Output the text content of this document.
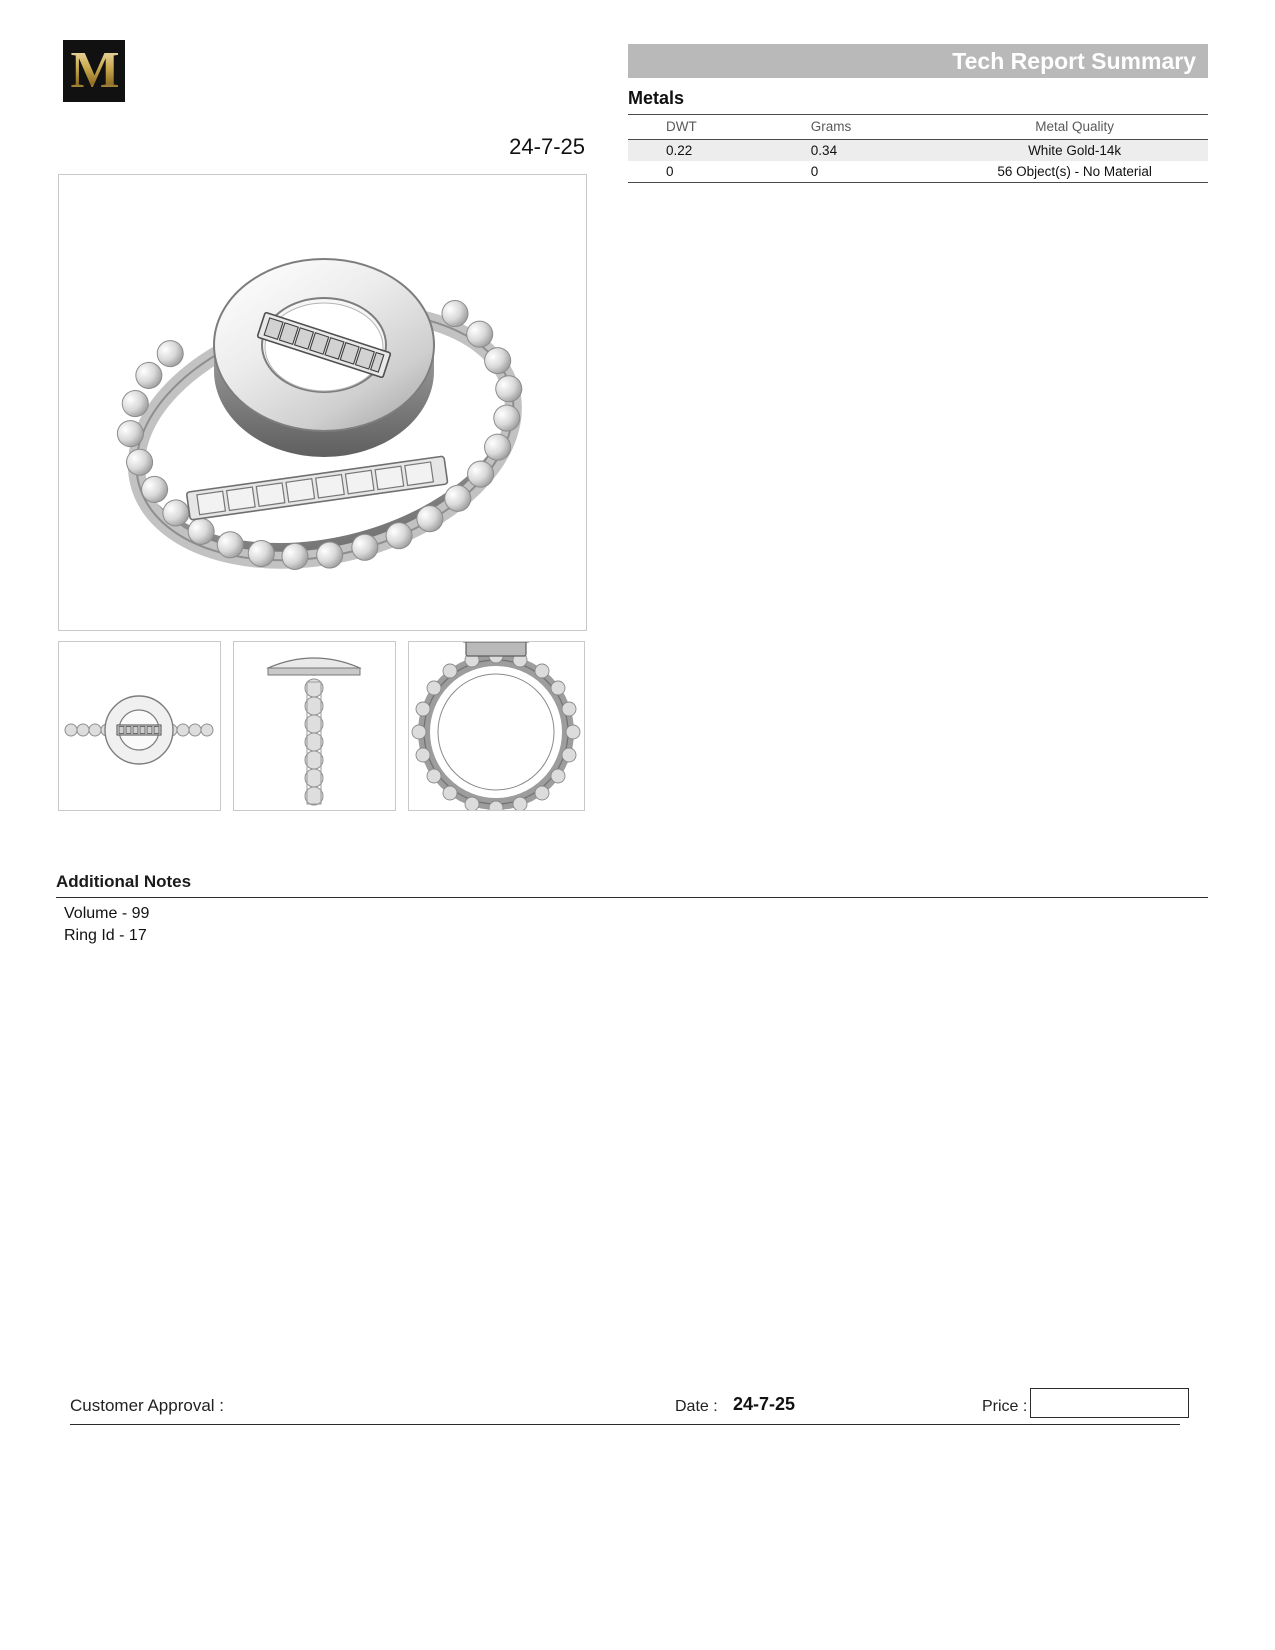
M
24-7-25
Tech Report Summary
Metals
DWT	Grams	Metal Quality
0.22	0.34	White Gold-14k
0	0	56 Object(s) - No Material
Additional Notes
Volume - 99
Ring Id - 17
Customer Approval :	Date : 24-7-25	Price :
